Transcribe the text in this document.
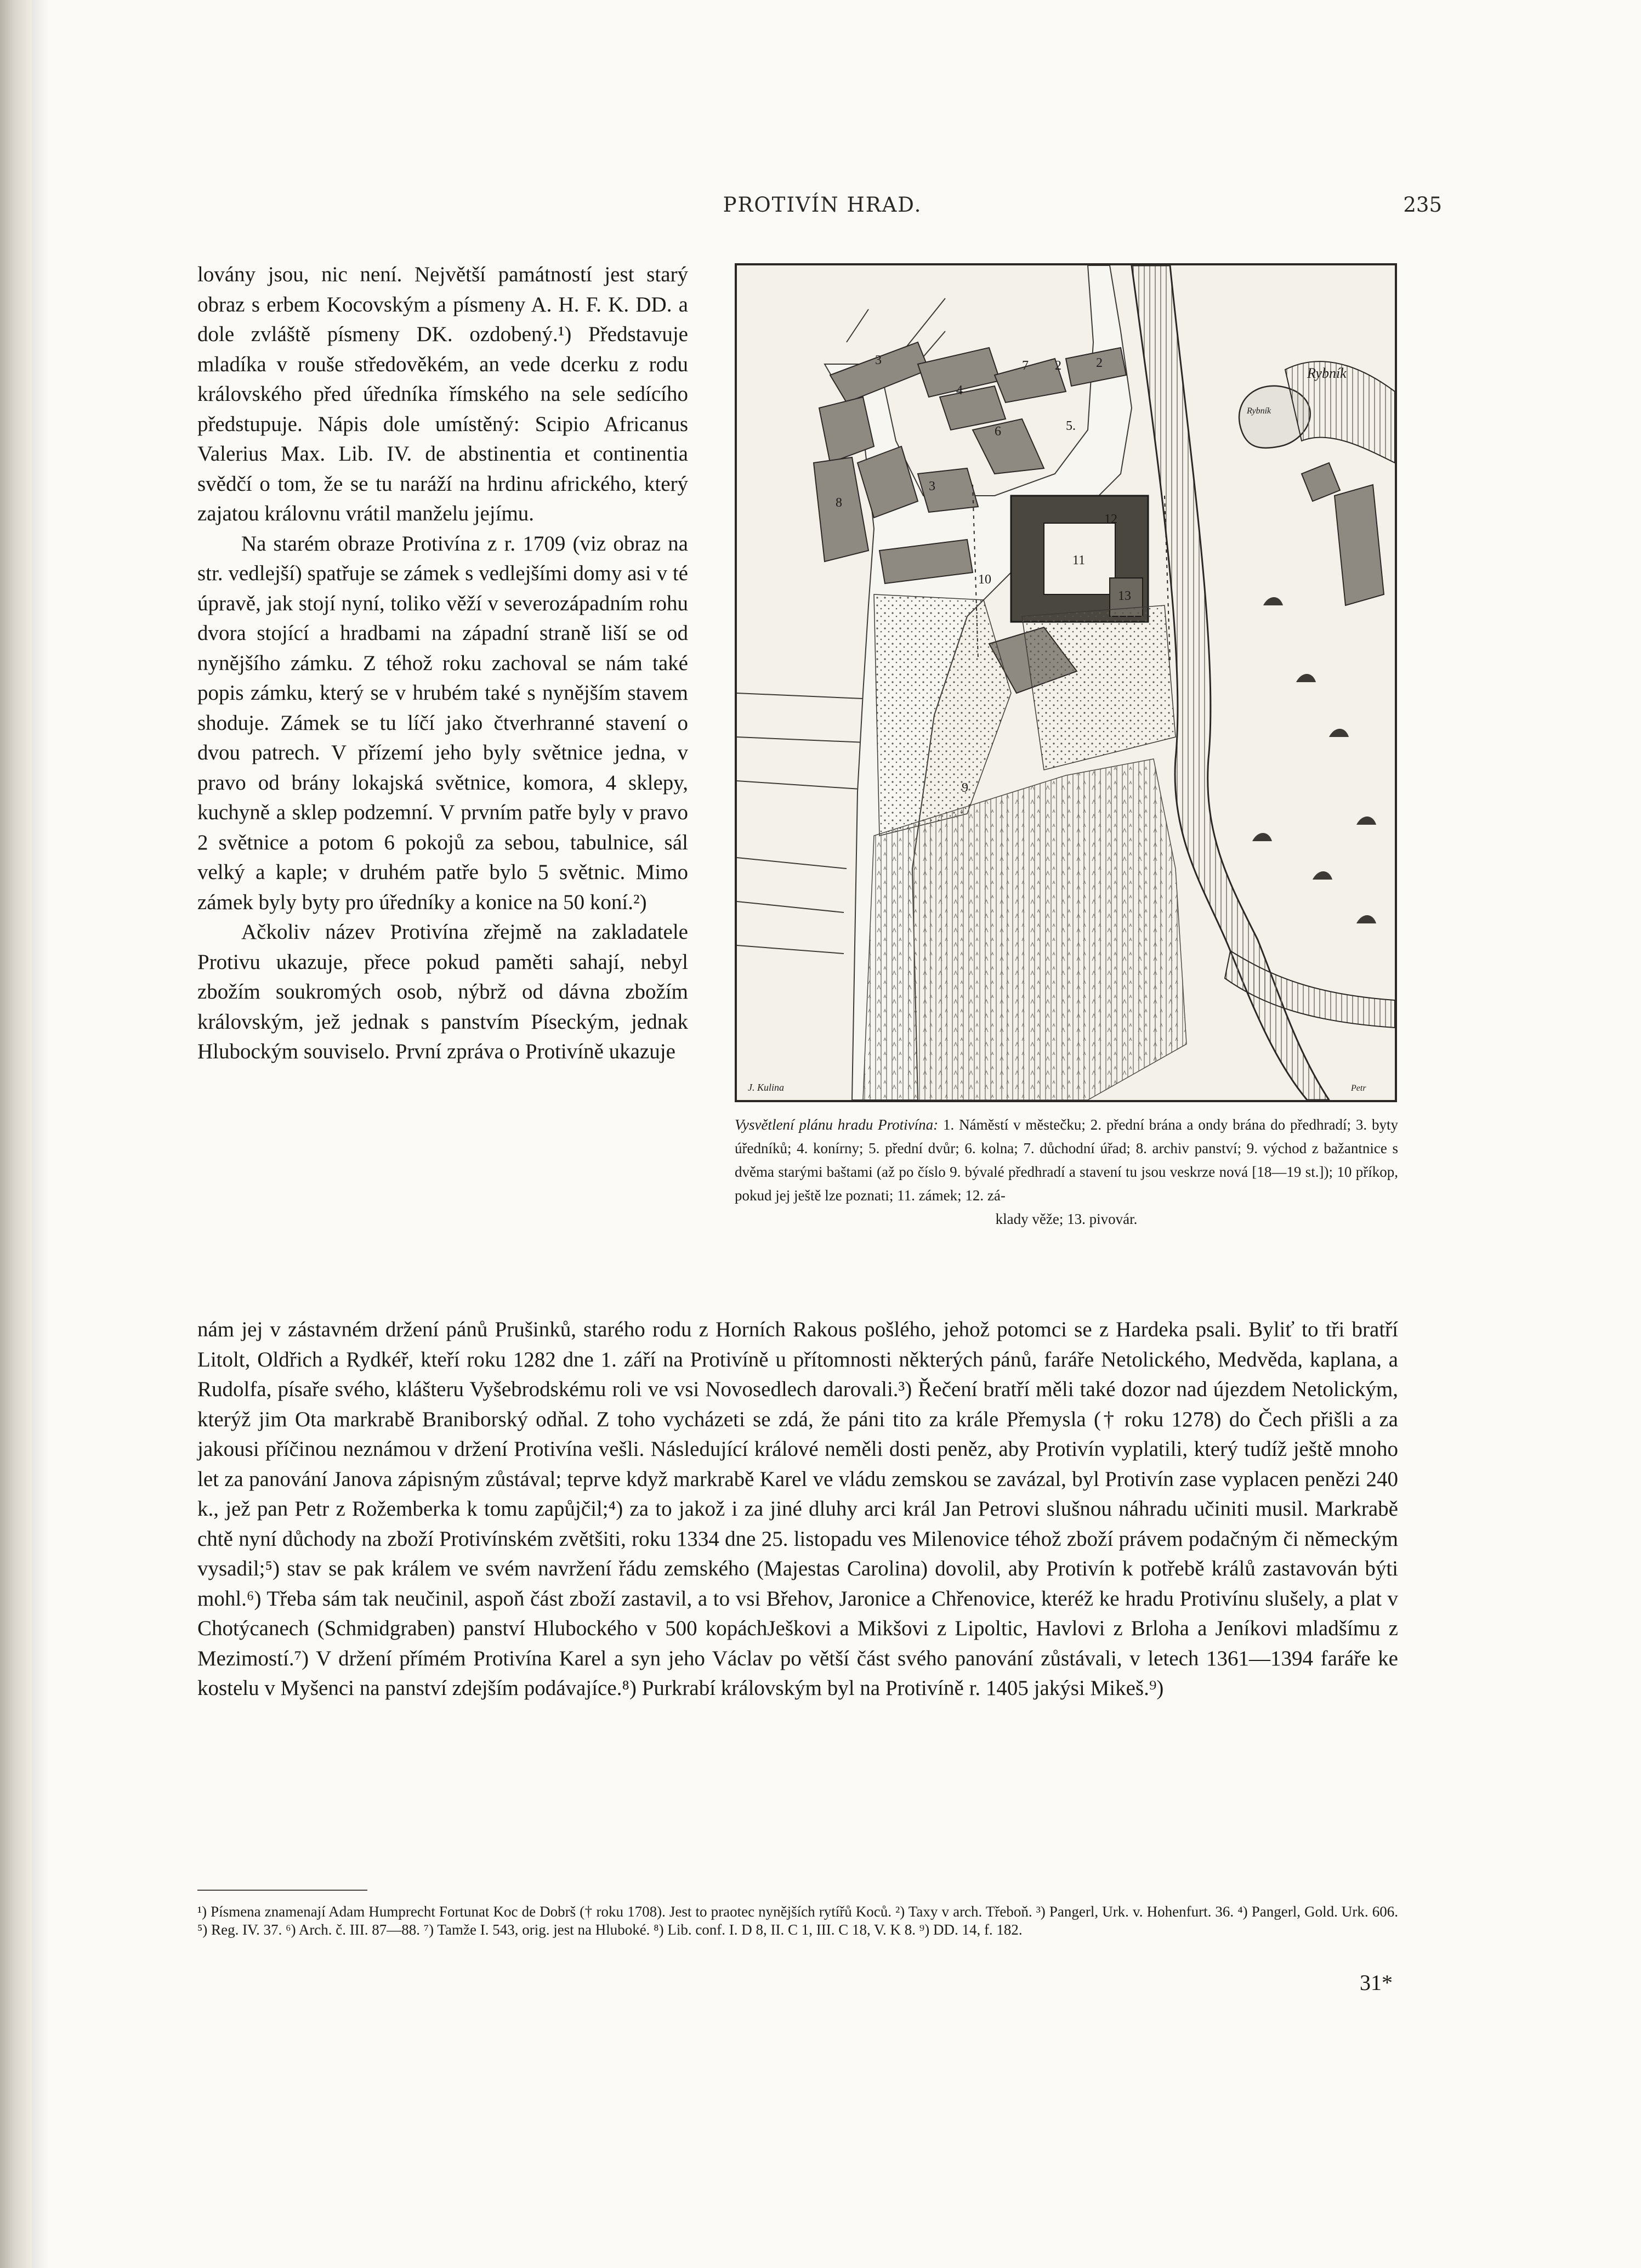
PROTIVÍN HRAD.	235

lovány jsou, nic není. Největší památností jest starý obraz s erbem Kocovským a písmeny A. H. F. K. DD. a dole zvláště písmeny DK. ozdobený.¹) Představuje mladíka v rouše středověkém, an vede dcerku z rodu královského před úředníka římského na sele sedícího předstupuje. Nápis dole umístěný: Scipio Africanus Valerius Max. Lib. IV. de abstinentia et continentia svědčí o tom, že se tu naráží na hrdinu afrického, který zajatou královnu vrátil manželu jejímu.

Na starém obraze Protivína z r. 1709 (viz obraz na str. vedlejší) spatřuje se zámek s vedlejšími domy asi v té úpravě, jak stojí nyní, toliko věží v severozápadním rohu dvora stojící a hradbami na západní straně liší se od nynějšího zámku. Z téhož roku zachoval se nám také popis zámku, který se v hrubém také s nynějším stavem shoduje. Zámek se tu líčí jako čtverhranné stavení o dvou patrech. V přízemí jeho byly světnice jedna, v pravo od brány lokajská světnice, komora, 4 sklepy, kuchyně a sklep podzemní. V prvním patře byly v pravo 2 světnice a potom 6 pokojů za sebou, tabulnice, sál velký a kaple; v druhém patře bylo 5 světnic. Mimo zámek byly byty pro úředníky a konice na 50 koní.²)

Ačkoliv název Protivína zřejmě na zakladatele Protivu ukazuje, přece pokud paměti sahají, nebyl zbožím soukromých osob, nýbrž od dávna zbožím královským, jež jednak s panstvím Píseckým, jednak Hlubockým souviselo. První zpráva o Protivíně ukazuje

3	7 2	2
4
6	5.
8
3
10
11
13
12
9
Rybník
Rybník
J. Kulina	Petr
Vysvětlení plánu hradu Protivína: 1. Náměstí v městečku; 2. přední brána a ondy brána do předhradí; 3. byty úředníků; 4. konírny; 5. přední dvůr; 6. kolna; 7. důchodní úřad; 8. archiv panství; 9. východ z bažantnice s dvěma starými baštami (až po číslo 9. bývalé předhradí a stavení tu jsou veskrze nová [18—19 st.]); 10 příkop, pokud jej ještě lze poznati; 11. zámek; 12. zá-
klady věže; 13. pivovár.

nám jej v zástavném držení pánů Prušinků, starého rodu z Horních Rakous pošlého, jehož potomci se z Hardeka psali. Byliť to tři bratří Litolt, Oldřich a Rydkéř, kteří roku 1282 dne 1. září na Protivíně u přítomnosti některých pánů, faráře Netolického, Medvěda, kaplana, a Rudolfa, písaře svého, klášteru Vyšebrodskému roli ve vsi Novosedlech darovali.³) Řečení bratří měli také dozor nad újezdem Netolickým, kterýž jim Ota markrabě Braniborský odňal. Z toho vycházeti se zdá, že páni tito za krále Přemysla († roku 1278) do Čech přišli a za jakousi příčinou neznámou v držení Protivína vešli. Následující králové neměli dosti peněz, aby Protivín vyplatili, který tudíž ještě mnoho let za panování Janova zápisným zůstával; teprve když markrabě Karel ve vládu zemskou se zavázal, byl Protivín zase vyplacen penězi 240 k., jež pan Petr z Rožemberka k tomu zapůjčil;⁴) za to jakož i za jiné dluhy arci král Jan Petrovi slušnou náhradu učiniti musil. Markrabě chtě nyní důchody na zboží Protivínském zvětšiti, roku 1334 dne 25. listopadu ves Milenovice téhož zboží právem podačným či německým vysadil;⁵) stav se pak králem ve svém navržení řádu zemského (Majestas Carolina) dovolil, aby Protivín k potřebě králů zastavován býti mohl.⁶) Třeba sám tak neučinil, aspoň část zboží zastavil, a to vsi Břehov, Jaronice a Chřenovice, kteréž ke hradu Protivínu slušely, a plat v Chotýcanech (Schmidgraben) panství Hlubockého v 500 kopáchJeškovi a Mikšovi z Lipoltic, Havlovi z Brloha a Jeníkovi mladšímu z Mezimostí.⁷) V držení přímém Protivína Karel a syn jeho Václav po větší část svého panování zůstávali, v letech 1361—1394 faráře ke kostelu v Myšenci na panství zdejším podávajíce.⁸) Purkrabí královským byl na Protivíně r. 1405 jakýsi Mikeš.⁹)

¹) Písmena znamenají Adam Humprecht Fortunat Koc de Dobrš († roku 1708). Jest to praotec nynějších rytířů Koců. ²) Taxy v arch. Třeboň. ³) Pangerl, Urk. v. Hohenfurt. 36. ⁴) Pangerl, Gold. Urk. 606. ⁵) Reg. IV. 37. ⁶) Arch. č. III. 87—88. ⁷) Tamže I. 543, orig. jest na Hluboké. ⁸) Lib. conf. I. D 8, II. C 1, III. C 18, V. K 8. ⁹) DD. 14, f. 182.

31*
